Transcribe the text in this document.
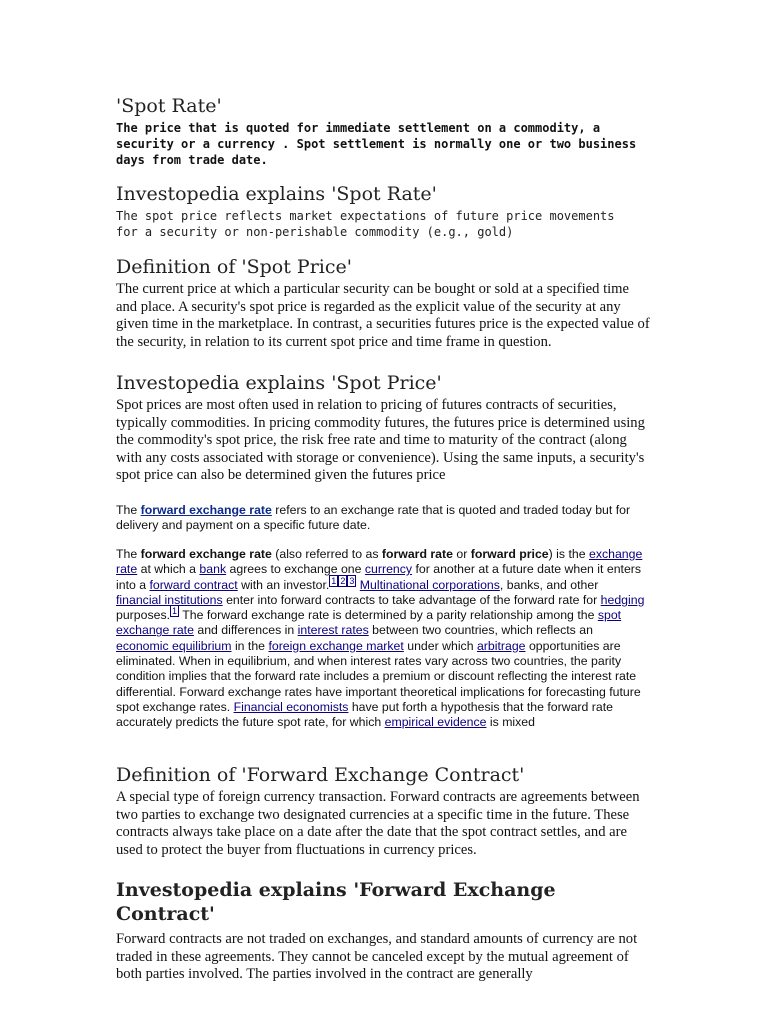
'Spot Rate'

The price that is quoted for immediate settlement on a commodity, a security or a currency . Spot settlement is normally one or two business days from trade date.

Investopedia explains 'Spot Rate'

The spot price reflects market expectations of future price movements for a security or non-perishable commodity (e.g., gold)

Definition of 'Spot Price'

The current price at which a particular security can be bought or sold at a specified time and place. A security's spot price is regarded as the explicit value of the security at any given time in the marketplace. In contrast, a securities futures price is the expected value of the security, in relation to its current spot price and time frame in question.

Investopedia explains 'Spot Price'

Spot prices are most often used in relation to pricing of futures contracts of securities, typically commodities. In pricing commodity futures, the futures price is determined using the commodity's spot price, the risk free rate and time to maturity of the contract (along with any costs associated with storage or convenience). Using the same inputs, a security's spot price can also be determined given the futures price

The forward exchange rate refers to an exchange rate that is quoted and traded today but for delivery and payment on a specific future date.

The forward exchange rate (also referred to as forward rate or forward price) is the exchange rate at which a bank agrees to exchange one currency for another at a future date when it enters into a forward contract with an investor. $^{1 2 3}$ Multinational corporations, banks, and other financial institutions enter into forward contracts to take advantage of the forward rate for hedging purposes. $^1$ The forward exchange rate is determined by a parity relationship among the spot exchange rate and differences in interest rates between two countries, which reflects an economic equilibrium in the foreign exchange market under which arbitrage opportunities are eliminated. When in equilibrium, and when interest rates vary across two countries, the parity condition implies that the forward rate includes a premium or discount reflecting the interest rate differential. Forward exchange rates have important theoretical implications for forecasting future spot exchange rates. Financial economists have put forth a hypothesis that the forward rate accurately predicts the future spot rate, for which empirical evidence is mixed

Definition of 'Forward Exchange Contract'

A special type of foreign currency transaction. Forward contracts are agreements between two parties to exchange two designated currencies at a specific time in the future. These contracts always take place on a date after the date that the spot contract settles, and are used to protect the buyer from fluctuations in currency prices.

Investopedia explains 'Forward Exchange Contract'

Forward contracts are not traded on exchanges, and standard amounts of currency are not traded in these agreements. They cannot be canceled except by the mutual agreement of both parties involved. The parties involved in the contract are generally
